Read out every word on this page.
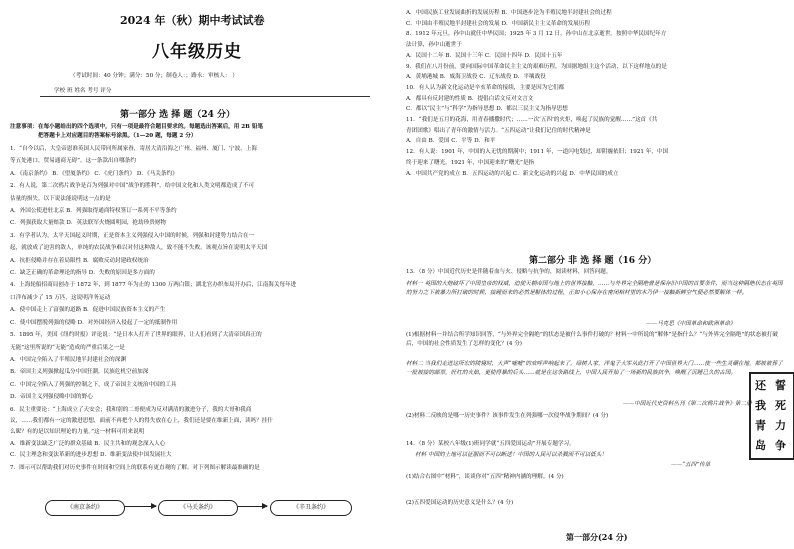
2024 年（秋）期中考试试卷
八年级历史
（考试时间：40 分钟；满分：50 分；制卷人：；路永：审核人： ）
学校 班 姓名 考号 评分
第一部分 选 择 题（24 分）
注意事项：在每小题给出的四个选项中，只有一项是最符合题目要求的。每题选出答案后，用 2B 铅笔
把答题卡上对应题目的答案标号涂黑。（1—20 题，每题 2 分）
1．“自今以后，大皇帝恩准英国人民带同所属家眷，寄居大清沿海之广州、福州、厦门、宁波、上海
等五处港口，贸易通商无碍”。这一条款出自哪条约
A．《南京条约》 B．《望厦条约》 C．《虎门条约》 D．《马关条约》
2．有人说，第二次鸦片战争是百为列强对中国“战争的胜利”，给中国文化和人类文明都造成了不可
估量的损失。以下说法能说明这一点的是
A．外国公使进驻北京 B．列强取得通商特权签订一系列不平等条约
C．列强获取大量赔款 D．英法联军火烧圆明园，抢劫珍贵财物
3．有学者认为，太平天国起义时期，正是资本主义列强侵入中国的时候，列强和封建势力结合在一
起，就放成了迫害的敌人，单纯的农民战争难以对付这种敌人，致不能不失败。该观点旨在说明太平天国
A．抗拒侵略并存在着局限性 B．腐败反动封建政权统治
C．缺乏正确的革命理论的指导 D．失败的原因是多方面的
4．上海轮船招商局创办于 1872 年，到 1877 年为止的 1300 万两白银；湖北官办织布局开办后，江南海关每年进
口洋布减少了 15 万匹，这说明洋务运动
A．使中国走上了富强的道路 B．促进中国民族资本主义的产生
C．使中国摆脱列强的侵略 D．对外国经济入侵起了一定的抵制作用
5．1895 年，美国《纽约时报》评论说：“是日本人打开了世界的眼界，让人们看到了大清帝国真正的
无能”这里所说的“无能”造成的严重后果之一是
A．中国完全陷入了半殖民地半封建社会的深渊
B．帝国主义列强掀起瓜分中国狂潮，民族危机空前加深
C．中国完全陷入了列强的控制之下，成了帝国主义统治中国的工具
D．帝国主义列强侵略中国的野心
6．民主重要论：“上海成立了天安会；我和别的二哥便成为反对满清的激进分子，我的大哥和我商
议，……我们都有一定的激进思想，面前不再把个人的得失放在心上，我们还是要在维新上面，读吗？挂什
么昵？有的是以知识理论的力量。”这一材料可用来说明
A．维新变法缺乏广泛的群众基础 B．民主共和的观念深入人心
C．民主理念和变法革新的进步思想 D．维新变法使中国发展壮大
7．图示可以帮助我们对历史事件在时间和空间上的联系有更直观的了解。对下列图示解读最准确的是
《南京条约》	《马关条约》	《辛丑条约》
A．中国民族工业发展曲折的发展历程 B．中国逐步沦为半殖民地半封建社会的过程
C．中国由半殖民地半封建社会的发展 D．中国新民主主义革命的发展历程
8．1912 年元旦，孙中山就任中华民国；1925 年 3 月 12 日，孙中山在北京逝世。按照中华民国纪年方
法计算，孙中山逝世于
A．民国十二年 B．民国十三年 C．民国十四年 D．民国十五年
9．我们在八月份前，要向国际中国革命民主主义的艰难历程，为国据地组主这个活动，以下这样地点的是
A．黄埔港城 B．威海卫战役 C．辽东战役 D．平壤战役
10．有人认为新文化运动是辛亥革命的接续，主要是因为它们都
A．都具有反封建的性质 B．提倡白话文反对文言文
C．都以“民主”与“科学”为指导思想 D．都以三民主义为指导思想
11．“我们是五月的花海，用青春播撒时代；……一次‘五四’的火炬，唤起了民族的觉醒……”这首《共
青团团歌》唱出了青年的激情与活力。“五四运动”让我们记住的时代精神是
A．自由 B．爱国 C．平等 D．和平
12．有人说：1901 年，中国的入无忧的期满中；1911 年，一道闪电划过，却阴霾依旧；1921 年，中国
终于迎来了曙光。1921 年，中国迎来的“曙光”是指
A．中国共产党的成立 B．五四运动的兴起 C．新文化运动的兴起 D．中华民国的成立
第二部分 非 选 择 题（16 分）
13．（8 分）中国近代历史是伴随着血与火、侵略与抗争的，阅读材料，回答问题。
材料一 英国的大炮破坏了中国皇帝的权威，迫使天朝帝国与地上的世界接触，……与外界完全隔绝曾是保存旧中国的首要条件，而当这种隔绝状态在英国的努力之下被暴力所打破的时候，接踵而来的必然是解体的过程，正如小心保存在密闭棺材里的木乃伊一接触新鲜空气便必然要解体一样。
——马克思《中国革命和欧洲革命》
(1)根据材料一并结合所学知识回答，“与外界完全隔绝”的状态是被什么事件打破的？材料一中所说的“解体”是指什么？“与外界完全隔绝”的状态被打破后，中国的社会性质发生了怎样的变化？(4 分)
材料二 当我们走进这所宏的陵寝时，大声“嘘嘘”的欢呼声响起来了，绿树人家，洋鬼子大军从此打开了中国世界大门……使一些生灵碾在地，都被被葬了一批被接的邮票，旺红的火焰，更使得暴的后头……就是在这条路线上，中国人民开始了一场新的民族抗争，唤醒了沉睡已久的古国。
——中国近代史资料丛刊《第二次鸦片战争》第二册
(2)材料二反映的是哪一历史事件？该事件发生在列强哪一次侵华战争期间？(4 分)
14．（8 分）某校八年级(1)班同学就“五四爱国运动”开展专题学习。
材料 中国的土地可以征服而不可以断送！中国的人民可以杀戮而不可以低头！
——“五四”传单
(1)结合右图中“材料”，谈谈你对“五四”精神内涵的理解。(4 分)
(2)五四爱国运动的历史意义是什么？(4 分)
誓
死
力
争
还
我
青
岛
第一部分(24 分)
